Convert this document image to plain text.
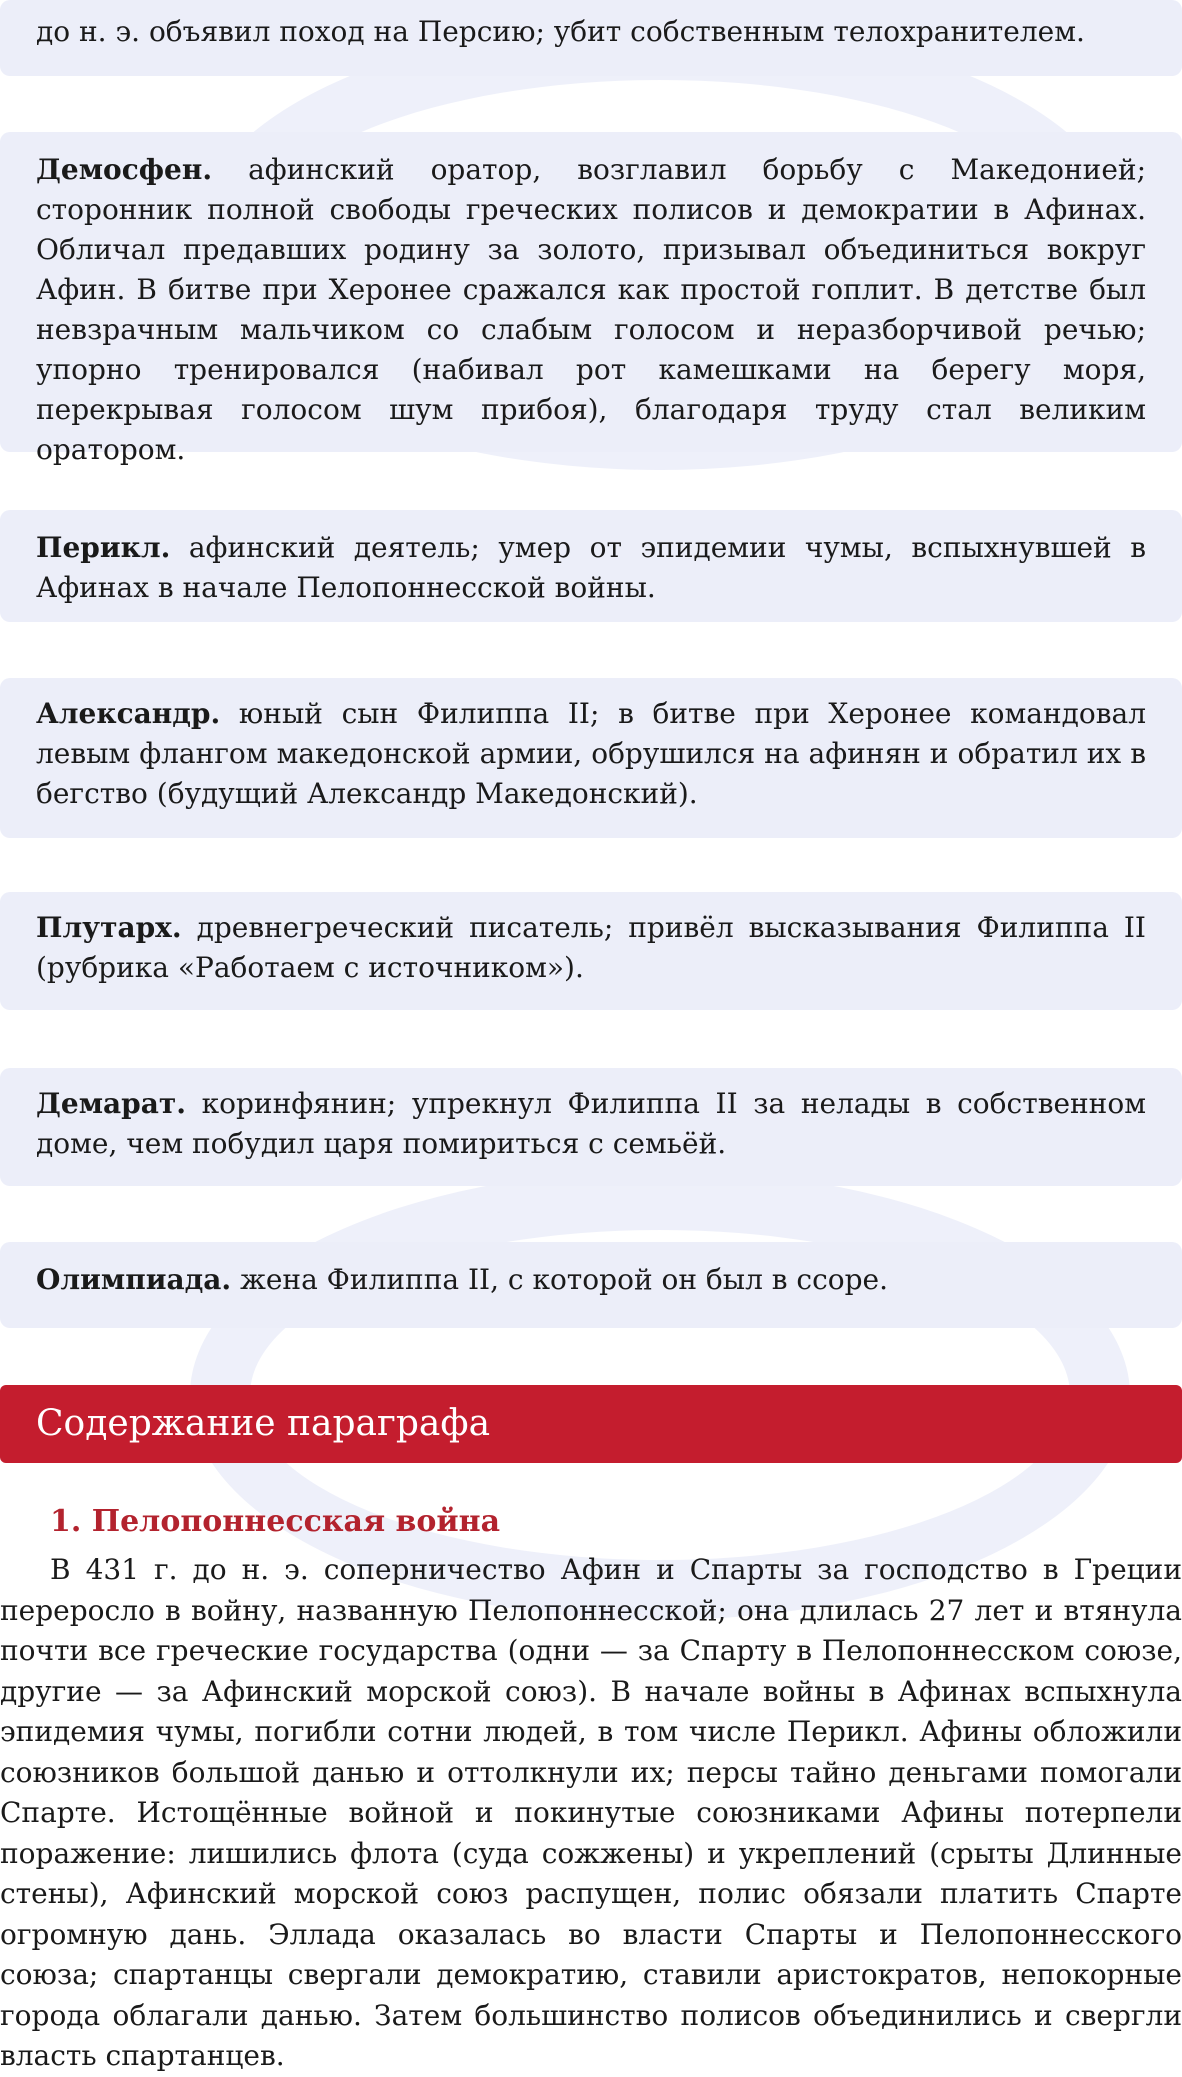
до н. э. объявил поход на Персию; убит собственным телохранителем.
Демосфен. афинский оратор, возглавил борьбу с Македонией; сторонник полной свободы греческих полисов и демократии в Афинах. Обличал предавших родину за золото, призывал объединиться вокруг Афин. В битве при Херонее сражался как простой гоплит. В детстве был невзрачным мальчиком со слабым голосом и неразборчивой речью; упорно тренировался (набивал рот камешками на берегу моря, перекрывая голосом шум прибоя), благодаря труду стал великим оратором.
Перикл. афинский деятель; умер от эпидемии чумы, вспыхнувшей в Афинах в начале Пелопоннесской войны.
Александр. юный сын Филиппа II; в битве при Херонее командовал левым флангом македонской армии, обрушился на афинян и обратил их в бегство (будущий Александр Македонский).
Плутарх. древнегреческий писатель; привёл высказывания Филиппа II (рубрика «Работаем с источником»).
Демарат. коринфянин; упрекнул Филиппа II за нелады в собственном доме, чем побудил царя помириться с семьёй.
Олимпиада. жена Филиппа II, с которой он был в ссоре.
Содержание параграфа
1. Пелопоннесская война
В 431 г. до н. э. соперничество Афин и Спарты за господство в Греции переросло в войну, названную Пелопоннесской; она длилась 27 лет и втянула почти все греческие государства (одни — за Спарту в Пелопоннесском союзе, другие — за Афинский морской союз). В начале войны в Афинах вспыхнула эпидемия чумы, погибли сотни людей, в том числе Перикл. Афины обложили союзников большой данью и оттолкнули их; персы тайно деньгами помогали Спарте. Истощённые войной и покинутые союзниками Афины потерпели поражение: лишились флота (суда сожжены) и укреплений (срыты Длинные стены), Афинский морской союз распущен, полис обязали платить Спарте огромную дань. Эллада оказалась во власти Спарты и Пелопоннесского союза; спартанцы свергали демократию, ставили аристократов, непокорные города облагали данью. Затем большинство полисов объединились и свергли власть спартанцев.
